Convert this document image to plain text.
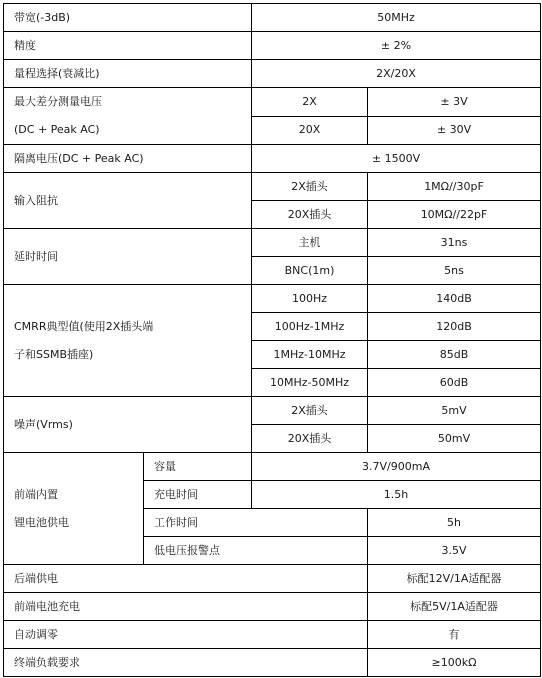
带宽(-3dB)		50MHz	
精度		± 2%	
量程选择(衰减比)		2X/20X	
最大差分测量电压
(DC + Peak AC)		2X	± 3V
		20X	± 30V
隔离电压(DC + Peak AC)		± 1500V	
输入阻抗		2X插头	1MΩ//30pF
		20X插头	10MΩ//22pF
延时时间		主机	31ns
		BNC(1m)	5ns
CMRR典型值(使用2X插头端
子和SSMB插座)		100Hz	140dB
		100Hz-1MHz	120dB
		1MHz-10MHz	85dB
		10MHz-50MHz	60dB
噪声(Vrms)		2X插头	5mV
		20X插头	50mV
前端内置
锂电池供电	容量	3.7V/900mA	
	充电时间	1.5h	
	工作时间		5h
	低电压报警点		3.5V
后端供电			标配12V/1A适配器
前端电池充电			标配5V/1A适配器
自动调零			有
终端负载要求			≥100kΩ
